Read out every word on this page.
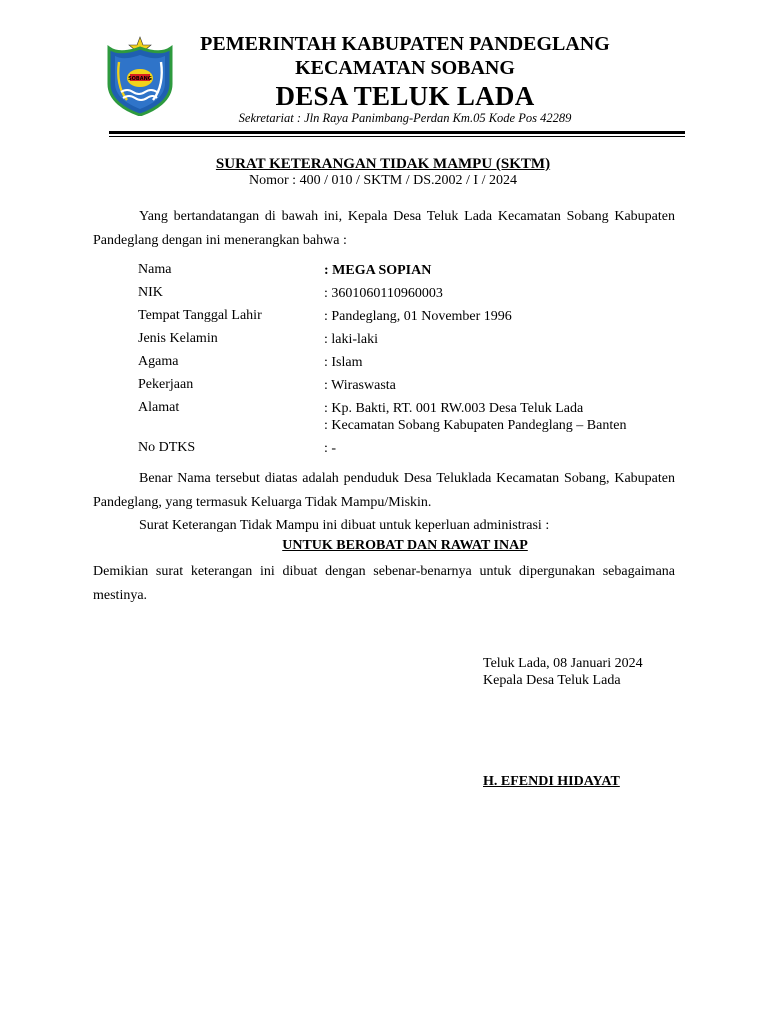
SOBANG
PEMERINTAH KABUPATEN PANDEGLANG
KECAMATAN SOBANG
DESA TELUK LADA
Sekretariat : Jln Raya Panimbang-Perdan Km.05 Kode Pos 42289
SURAT KETERANGAN TIDAK MAMPU (SKTM)
Nomor : 400 / 010 / SKTM / DS.2002 / I / 2024
Yang bertandatangan di bawah ini, Kepala Desa Teluk Lada Kecamatan Sobang Kabupaten Pandeglang dengan ini menerangkan bahwa :
Nama	: MEGA SOPIAN
NIK	: 3601060110960003
Tempat Tanggal Lahir	: Pandeglang, 01 November 1996
Jenis Kelamin	: laki-laki
Agama	: Islam
Pekerjaan	: Wiraswasta
Alamat	: Kp. Bakti, RT. 001 RW.003 Desa Teluk Lada
: Kecamatan Sobang Kabupaten Pandeglang – Banten
No DTKS	: -
Benar Nama tersebut diatas adalah penduduk Desa Teluklada Kecamatan Sobang, Kabupaten Pandeglang, yang termasuk Keluarga Tidak Mampu/Miskin.
Surat Keterangan Tidak Mampu ini dibuat untuk keperluan administrasi :
UNTUK BEROBAT DAN RAWAT INAP
Demikian surat keterangan ini dibuat dengan sebenar-benarnya untuk dipergunakan sebagaimana mestinya.
Teluk Lada, 08 Januari 2024
Kepala Desa Teluk Lada
H. EFENDI HIDAYAT
